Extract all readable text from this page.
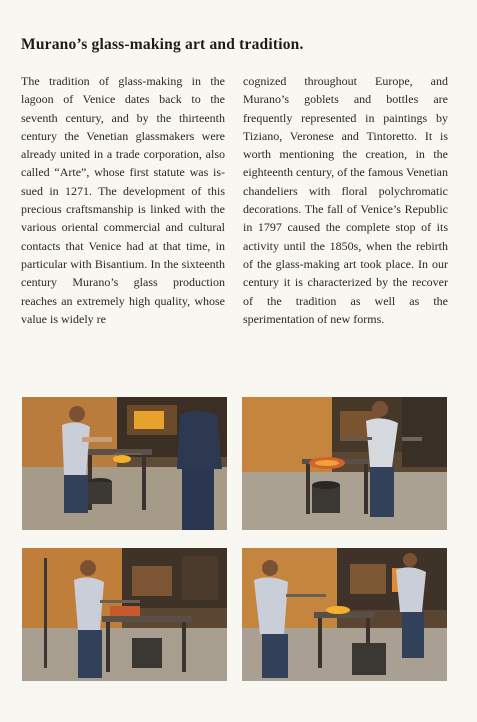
Murano’s glass-making art and tradition.
The tradition of glass-making in the lagoon of Venice dates back to the seventh century, and by the thirteenth century the Venetian glassmakers were already united in a trade corporation, also called “Arte”, whose first statute was issued in 1271. The development of this precious craftsmanship is linked with the various oriental commercial and cultural contacts that Venice had at that time, in particular with Bisantium. In the sixteenth century Murano’s glass production reaches an extremely high quality, whose value is widely re
cognized throughout Europe, and Murano’s goblets and bottles are frequently represented in paintings by Tiziano, Veronese and Tintoretto. It is worth mentioning the creation, in the eighteenth century, of the famous Venetian chandeliers with floral polychromatic decorations. The fall of Venice’s Republic in 1797 caused the complete stop of its activity until the 1850s, when the rebirth of the glass-making art took place. In our century it is characterized by the recover of the tradition as well as the sperimentation of new forms.
